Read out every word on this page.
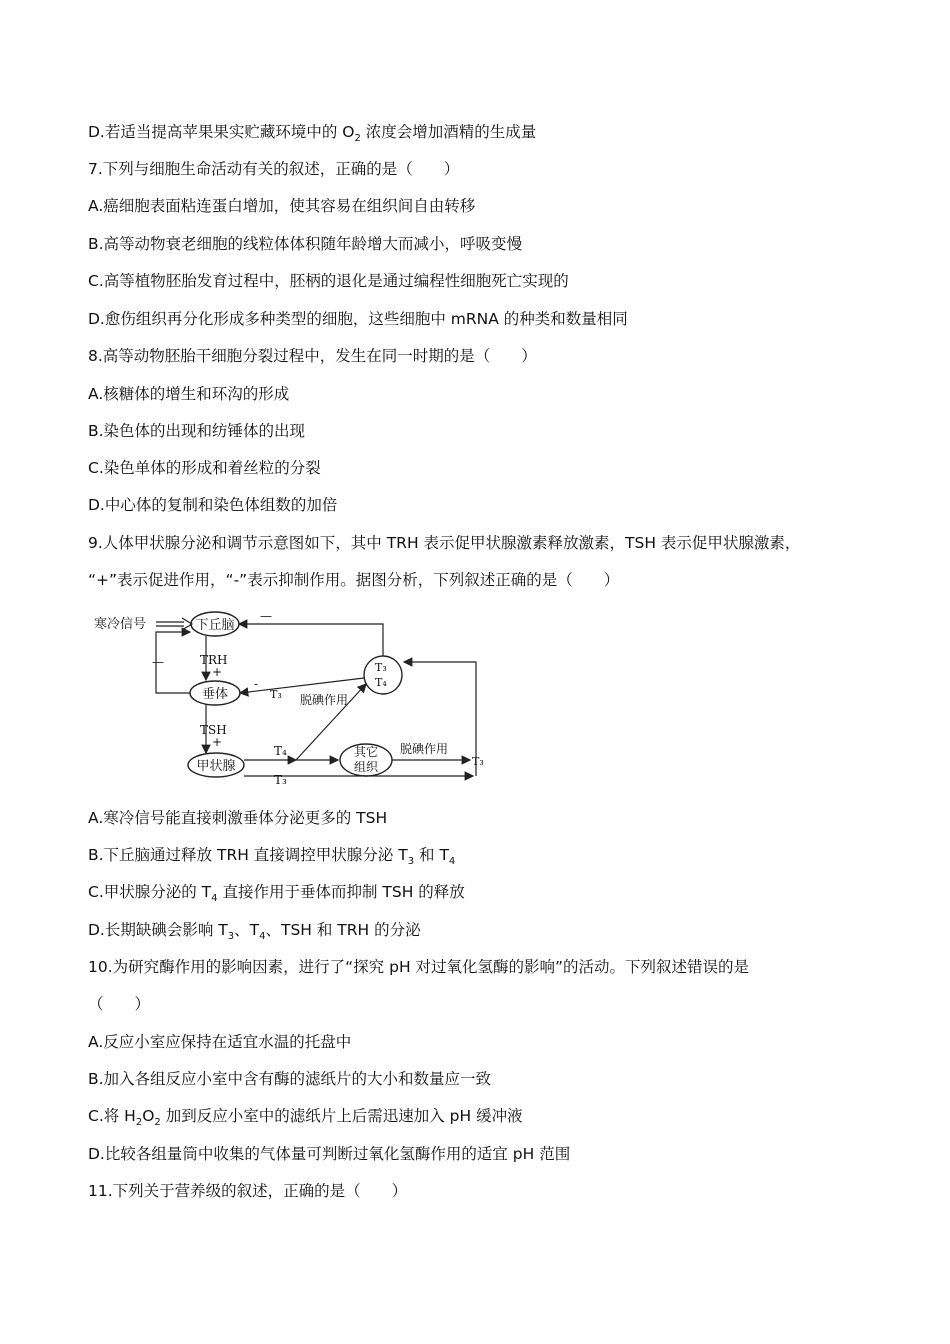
D.若适当提高苹果果实贮藏环境中的 $O_2$ 浓度会增加酒精的生成量
7.下列与细胞生命活动有关的叙述，正确的是（　　）
A.癌细胞表面粘连蛋白增加，使其容易在组织间自由转移
B.高等动物衰老细胞的线粒体体积随年龄增大而减小，呼吸变慢
C.高等植物胚胎发育过程中，胚柄的退化是通过编程性细胞死亡实现的
D.愈伤组织再分化形成多种类型的细胞，这些细胞中 mRNA 的种类和数量相同
8.高等动物胚胎干细胞分裂过程中，发生在同一时期的是（　　）
A.核糖体的增生和环沟的形成
B.染色体的出现和纺锤体的出现
C.染色单体的形成和着丝粒的分裂
D.中心体的复制和染色体组数的加倍
9.人体甲状腺分泌和调节示意图如下，其中 TRH 表示促甲状腺激素释放激素，TSH 表示促甲状腺激素，
“+”表示促进作用，“-”表示抑制作用。据图分析，下列叙述正确的是（　　）
寒冷信号	下丘脑
TRH
+
垂体
—
TSH
+
甲状腺
T₄
T₃
其它
组织
脱碘作用
T₃
T₃
T₄
—
-
T₃ 脱碘作用
A.寒冷信号能直接刺激垂体分泌更多的 TSH
B.下丘脑通过释放 TRH 直接调控甲状腺分泌 $T_3$ 和 $T_4$
C.甲状腺分泌的 $T_4$ 直接作用于垂体而抑制 TSH 的释放
D.长期缺碘会影响 $T_3$、$T_4$、TSH 和 TRH 的分泌
10.为研究酶作用的影响因素，进行了“探究 pH 对过氧化氢酶的影响”的活动。下列叙述错误的是
（　　）
A.反应小室应保持在适宜水温的托盘中
B.加入各组反应小室中含有酶的滤纸片的大小和数量应一致
C.将 $H_2O_2$ 加到反应小室中的滤纸片上后需迅速加入 pH 缓冲液
D.比较各组量筒中收集的气体量可判断过氧化氢酶作用的适宜 pH 范围
11.下列关于营养级的叙述，正确的是（　　）
